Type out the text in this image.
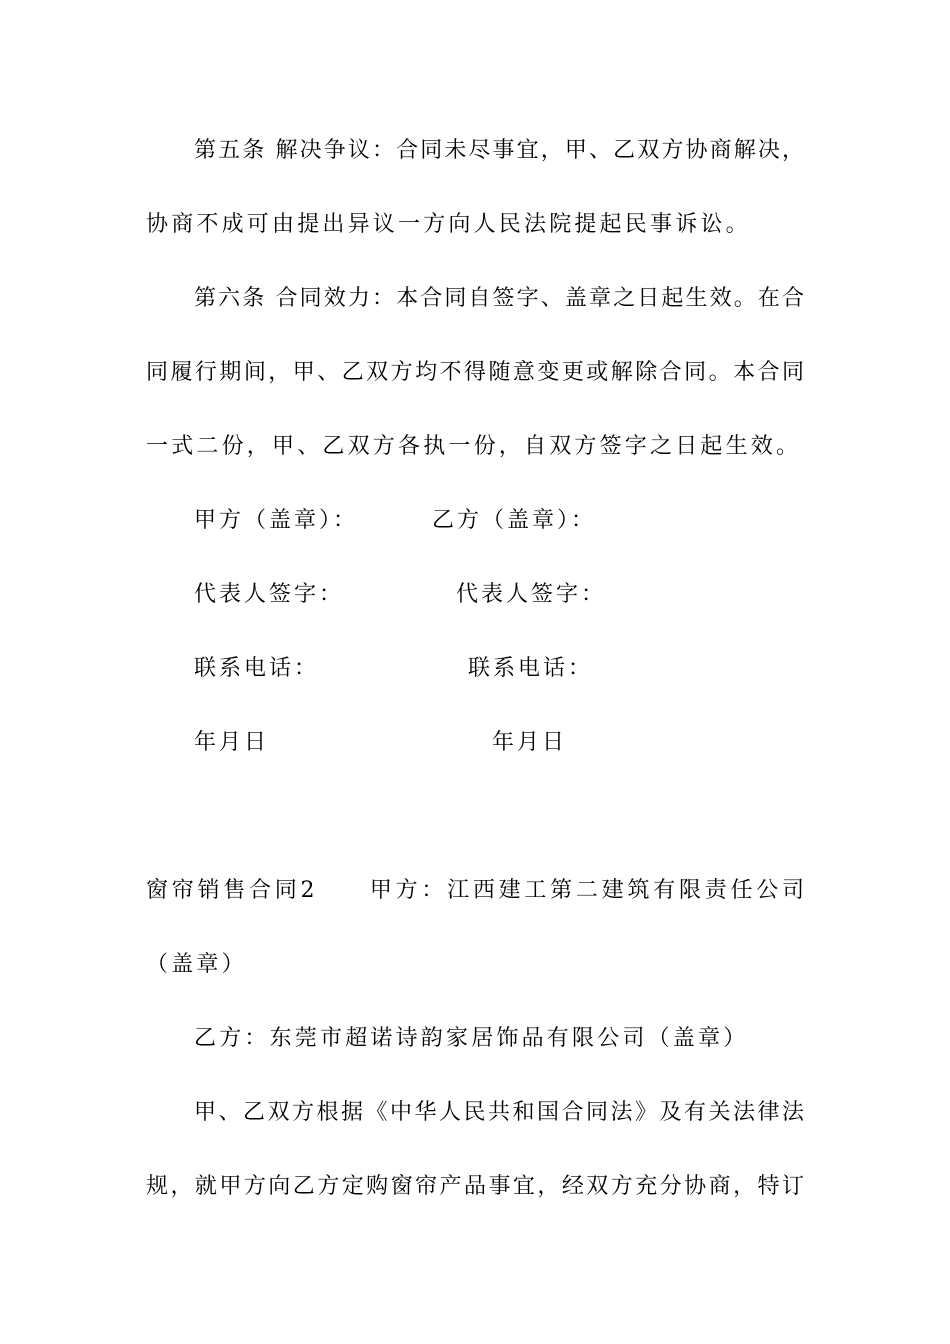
第五条 解决争议：合同未尽事宜，甲、乙双方协商解决，
协商不成可由提出异议一方向人民法院提起民事诉讼。
第六条 合同效力：本合同自签字、盖章之日起生效。在合
同履行期间，甲、乙双方均不得随意变更或解除合同。本合同
一式二份，甲、乙双方各执一份，自双方签字之日起生效。
甲方（盖章）：	乙方（盖章）：
代表人签字：	代表人签字：
联系电话：	联系电话：
年月日	年月日
窗帘销售合同2　　甲方：江西建工第二建筑有限责任公司
（盖章）
乙方：东莞市超诺诗韵家居饰品有限公司（盖章）
甲、乙双方根据《中华人民共和国合同法》及有关法律法
规，就甲方向乙方定购窗帘产品事宜，经双方充分协商，特订
